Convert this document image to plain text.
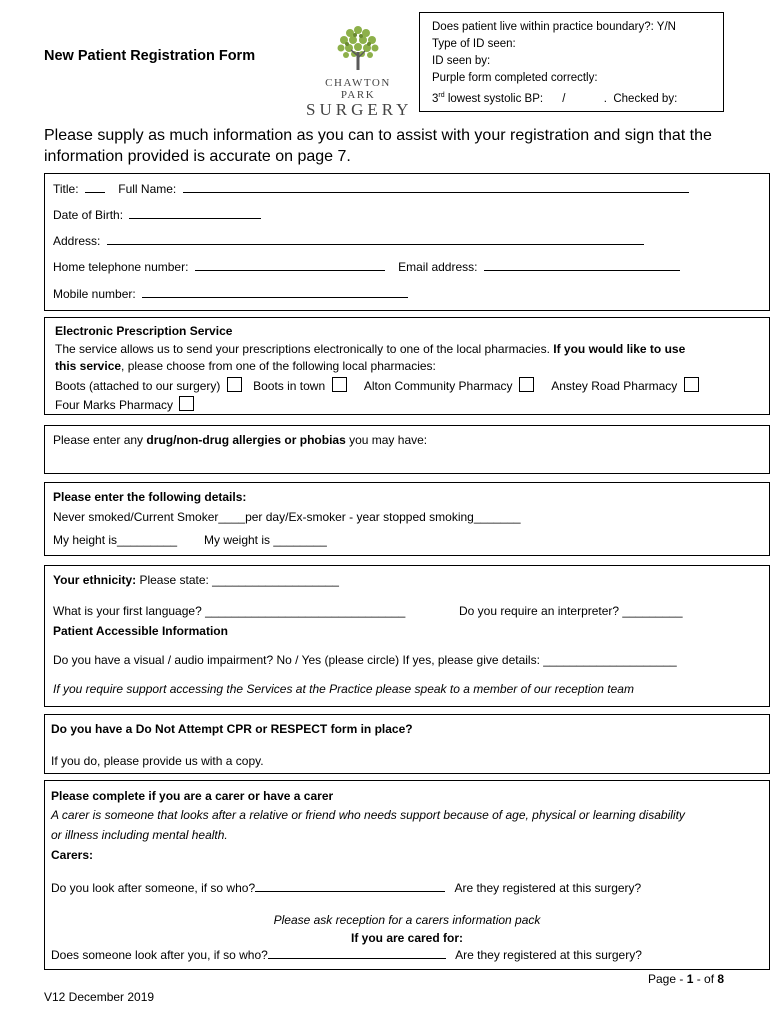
New Patient Registration Form
CHAWTON PARK
SURGERY
Does patient live within practice boundary?: Y/N
Type of ID seen:
ID seen by:
Purple form completed correctly:
3rd lowest systolic BP:      /            .  Checked by:
Please supply as much information as you can to assist with your registration and sign that the information provided is accurate on page 7.
Title:	Full Name:
Date of Birth:
Address:
Home telephone number:	Email address:
Mobile number:
Electronic Prescription Service
The service allows us to send your prescriptions electronically to one of the local pharmacies. If you would like to use
this service, please choose from one of the following local pharmacies:
Boots (attached to our surgery)	Boots in town	Alton Community Pharmacy	Anstey Road Pharmacy
Four Marks Pharmacy
Please enter any drug/non-drug allergies or phobias you may have:
Please enter the following details:
Never smoked/Current Smoker____per day/Ex-smoker - year stopped smoking_______
My height is_________ My weight is ________
Your ethnicity: Please state: ___________________
What is your first language? ______________________________	Do you require an interpreter? _________
Patient Accessible Information
Do you have a visual / audio impairment? No / Yes (please circle) If yes, please give details: ____________________
If you require support accessing the Services at the Practice please speak to a member of our reception team
Do you have a Do Not Attempt CPR or RESPECT form in place?
If you do, please provide us with a copy.
Please complete if you are a carer or have a carer
A carer is someone that looks after a relative or friend who needs support because of age, physical or learning disability
or illness including mental health.
Carers:
Do you look after someone, if so who?	Are they registered at this surgery?
Please ask reception for a carers information pack
If you are cared for:
Does someone look after you, if so who?	Are they registered at this surgery?
Page - 1 - of 8
V12 December 2019
